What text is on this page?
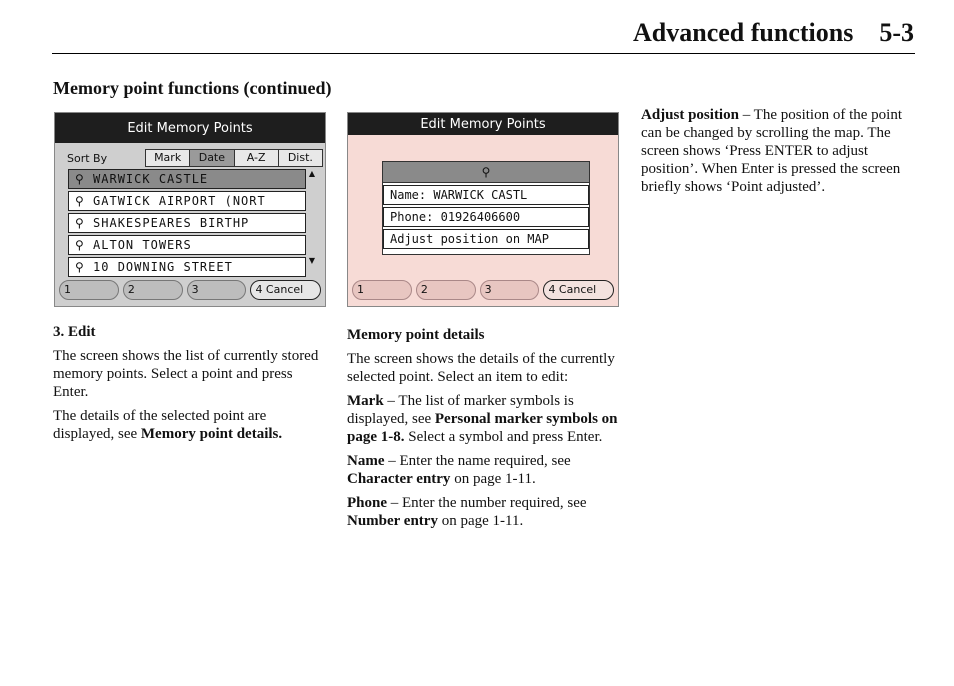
Advanced functions 5-3
Memory point functions (continued)
Edit Memory Points
Sort By	Mark	Date	A-Z	Dist.
⚲ WARWICK CASTLE
⚲ GATWICK AIRPORT (NORT
⚲ SHAKESPEARES BIRTHP
⚲ ALTON TOWERS
⚲ 10 DOWNING STREET
▲
▼
1	2	3	4 Cancel
Edit Memory Points
⚲
Name: WARWICK CASTL
Phone: 01926406600
Adjust position on MAP
1	2	3	4 Cancel
3. Edit

The screen shows the list of currently stored memory points. Select a point and press Enter.

The details of the selected point are displayed, see Memory point details.

Memory point details

The screen shows the details of the currently selected point. Select an item to edit:

Mark – The list of marker symbols is displayed, see Personal marker symbols on page 1-8. Select a symbol and press Enter.

Name – Enter the name required, see Character entry on page 1-11.

Phone – Enter the number required, see Number entry on page 1-11.

Adjust position – The position of the point can be changed by scrolling the map. The screen shows ‘Press ENTER to adjust position’. When Enter is pressed the screen briefly shows ‘Point adjusted’.
